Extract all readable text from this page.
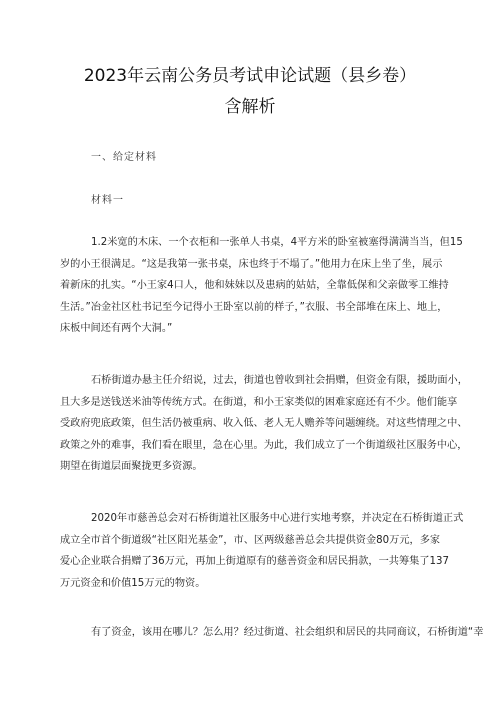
2023年云南公务员考试申论试题（县乡卷）
含解析
一、给定材料
材料一
1.2米宽的木床、一个衣柜和一张单人书桌，4平方米的卧室被塞得满满当当，但15
岁的小王很满足。“这是我第一张书桌，床也终于不塌了。”他用力在床上坐了坐，展示
着新床的扎实。“小王家4口人，他和妹妹以及患病的姑姑，全靠低保和父亲做零工维持
生活。”冶金社区杜书记至今记得小王卧室以前的样子，”衣服、书全部堆在床上、地上，
床板中间还有两个大洞。”
石桥街道办悬主任介绍说，过去，街道也曾收到社会捐赠，但资金有限，援助面小，
且大多是送钱送米油等传统方式。在街道，和小王家类似的困难家庭还有不少。他们能享
受政府兜底政策，但生活仍被重病、收入低、老人无人赡养等问题缠绕。对这些情理之中、
政策之外的难事，我们看在眼里，急在心里。为此，我们成立了一个街道级社区服务中心，
期望在街道层面聚拢更多资源。
2020年市慈善总会对石桥街道社区服务中心进行实地考察，并决定在石桥街道正式
成立全市首个街道级“社区阳光基金”，市、区两级慈善总会共提供资金80万元，多家
爱心企业联合捐赠了36万元，再加上街道原有的慈善资金和居民捐款，一共筹集了137
万元资金和价值15万元的物资。
有了资金，该用在哪儿？怎么用？经过街道、社会组织和居民的共同商议，石桥街道“幸
